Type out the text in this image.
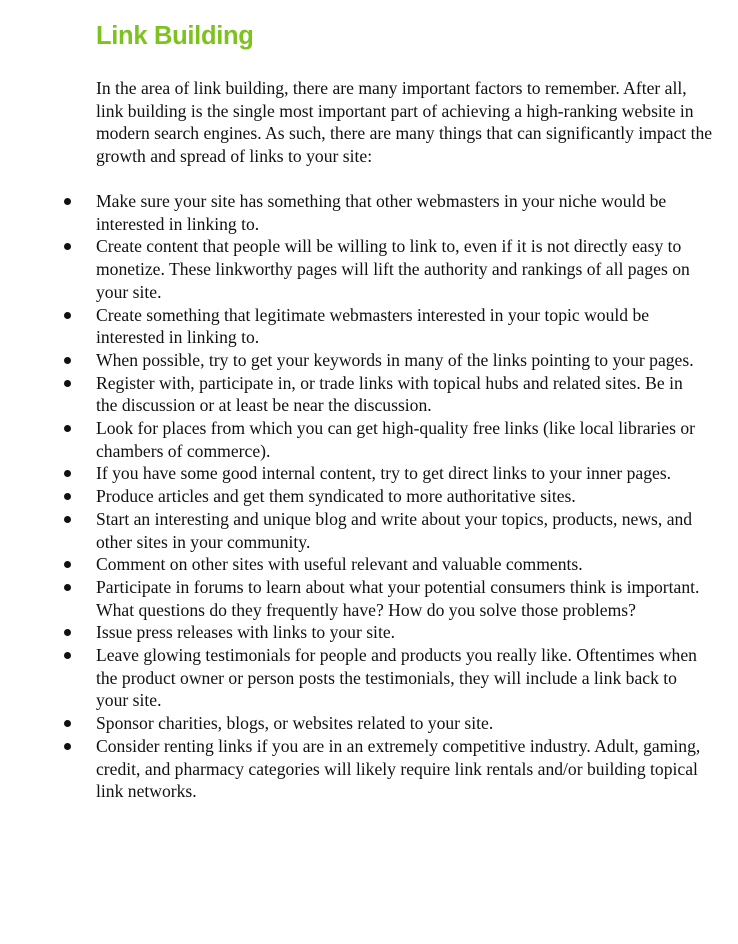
Link Building

In the area of link building, there are many important factors to remember. After all, link building is the single most important part of achieving a high-ranking website in modern search engines. As such, there are many things that can significantly impact the growth and spread of links to your site:

Make sure your site has something that other webmasters in your niche would be interested in linking to.
Create content that people will be willing to link to, even if it is not directly easy to monetize. These linkworthy pages will lift the authority and rankings of all pages on your site.
Create something that legitimate webmasters interested in your topic would be interested in linking to.
When possible, try to get your keywords in many of the links pointing to your pages.
Register with, participate in, or trade links with topical hubs and related sites. Be in the discussion or at least be near the discussion.
Look for places from which you can get high-quality free links (like local libraries or chambers of commerce).
If you have some good internal content, try to get direct links to your inner pages.
Produce articles and get them syndicated to more authoritative sites.
Start an interesting and unique blog and write about your topics, products, news, and other sites in your community.
Comment on other sites with useful relevant and valuable comments.
Participate in forums to learn about what your potential consumers think is important. What questions do they frequently have? How do you solve those problems?
Issue press releases with links to your site.
Leave glowing testimonials for people and products you really like. Oftentimes when the product owner or person posts the testimonials, they will include a link back to your site.
Sponsor charities, blogs, or websites related to your site.
Consider renting links if you are in an extremely competitive industry. Adult, gaming, credit, and pharmacy categories will likely require link rentals and/or building topical link networks.
